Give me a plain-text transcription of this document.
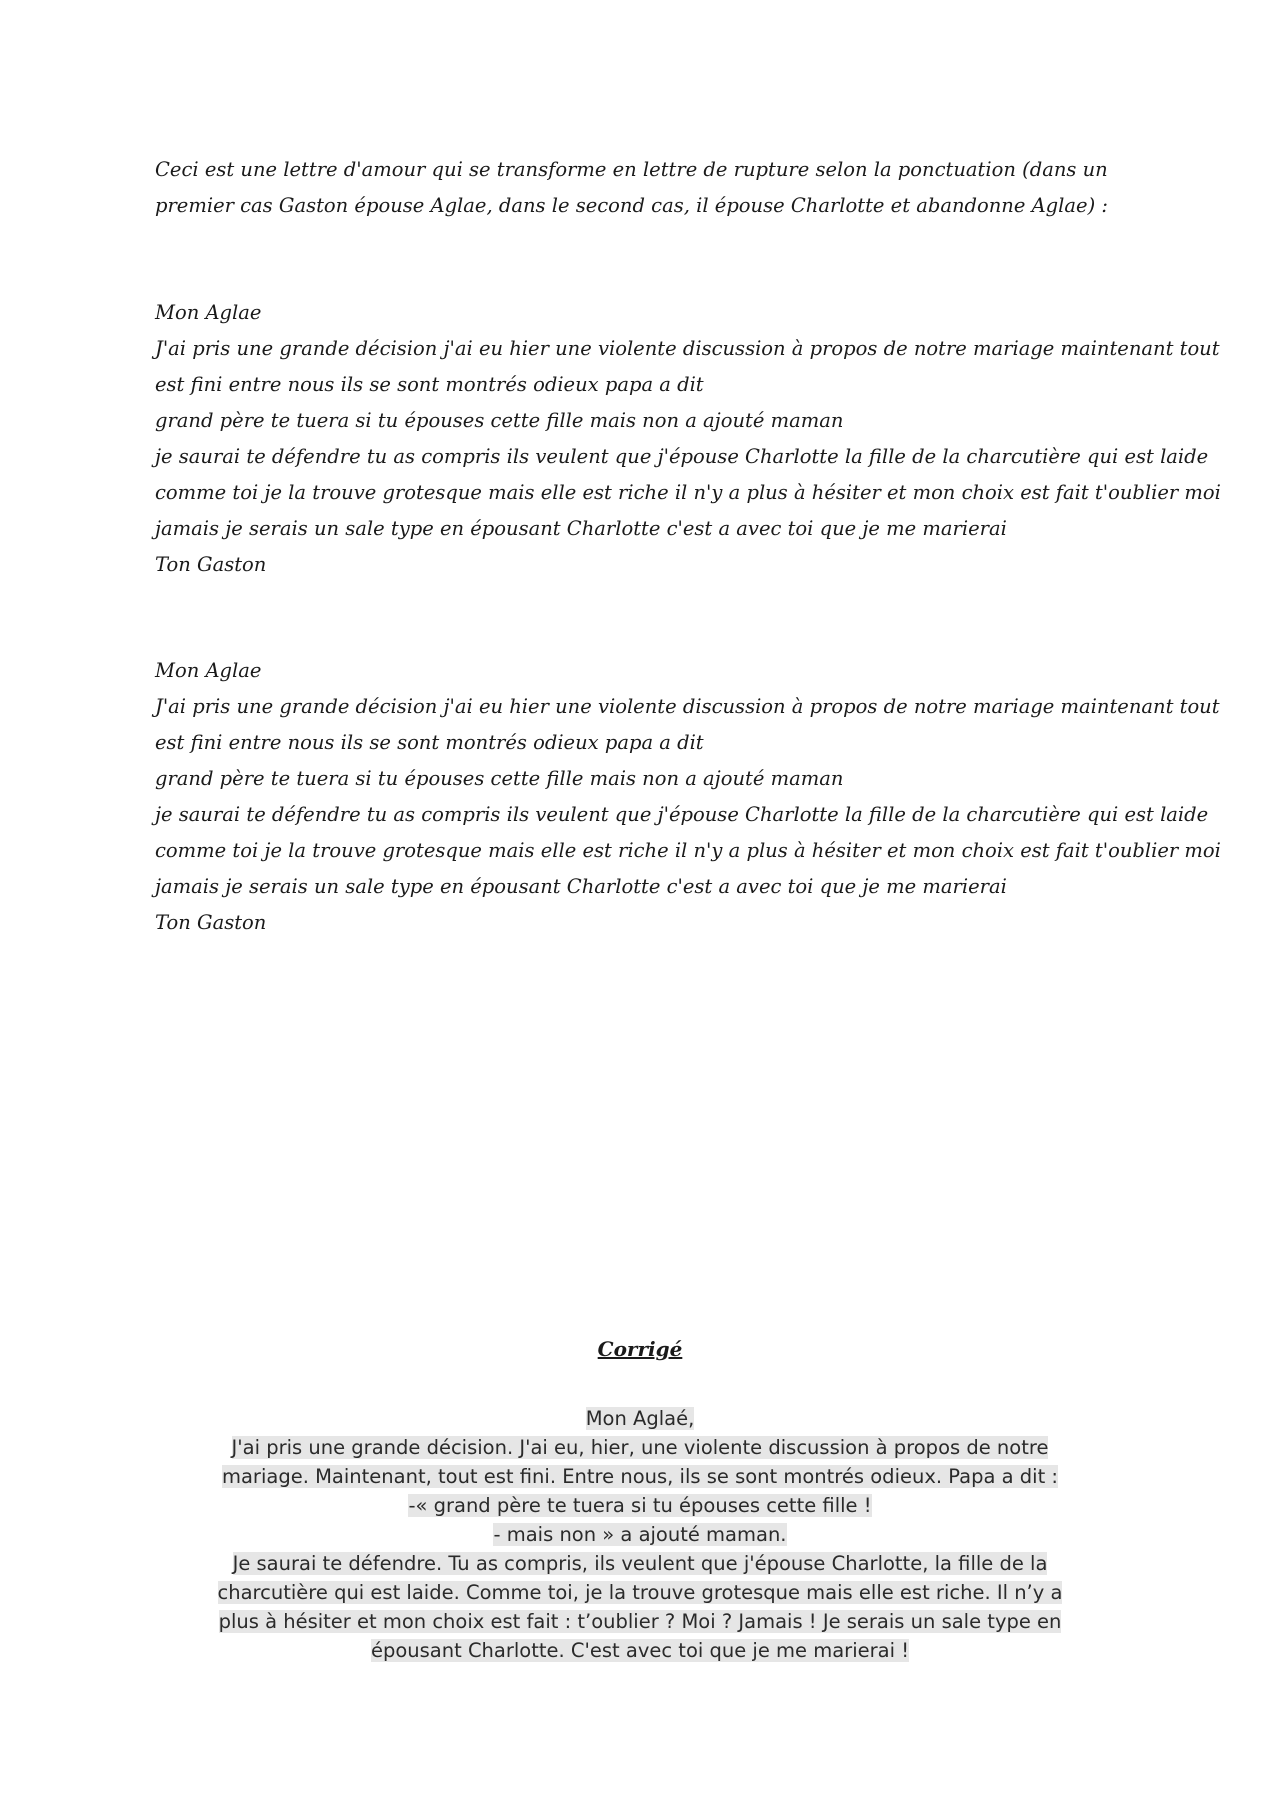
Ceci est une lettre d'amour qui se transforme en lettre de rupture selon la ponctuation (dans un premier cas Gaston épouse Aglae, dans le second cas, il épouse Charlotte et abandonne Aglae) :
Mon Aglae
J'ai pris une grande décision j'ai eu hier une violente discussion à propos de notre mariage maintenant tout
est fini entre nous ils se sont montrés odieux papa a dit
grand père te tuera si tu épouses cette fille mais non a ajouté maman
je saurai te défendre tu as compris ils veulent que j'épouse Charlotte la fille de la charcutière qui est laide
comme toi je la trouve grotesque mais elle est riche il n'y a plus à hésiter et mon choix est fait t'oublier moi
jamais je serais un sale type en épousant Charlotte c'est a avec toi que je me marierai
Ton Gaston
Mon Aglae
J'ai pris une grande décision j'ai eu hier une violente discussion à propos de notre mariage maintenant tout
est fini entre nous ils se sont montrés odieux papa a dit
grand père te tuera si tu épouses cette fille mais non a ajouté maman
je saurai te défendre tu as compris ils veulent que j'épouse Charlotte la fille de la charcutière qui est laide
comme toi je la trouve grotesque mais elle est riche il n'y a plus à hésiter et mon choix est fait t'oublier moi
jamais je serais un sale type en épousant Charlotte c'est a avec toi que je me marierai
Ton Gaston
Corrigé
Mon Aglaé,
J'ai pris une grande décision. J'ai eu, hier, une violente discussion à propos de notre
mariage. Maintenant, tout est fini. Entre nous, ils se sont montrés odieux. Papa a dit :
-« grand père te tuera si tu épouses cette fille !
- mais non » a ajouté maman.
Je saurai te défendre. Tu as compris, ils veulent que j'épouse Charlotte, la fille de la
charcutière qui est laide. Comme toi, je la trouve grotesque mais elle est riche. Il n’y a
plus à hésiter et mon choix est fait : t’oublier ? Moi ? Jamais ! Je serais un sale type en
épousant Charlotte. C'est avec toi que je me marierai !
